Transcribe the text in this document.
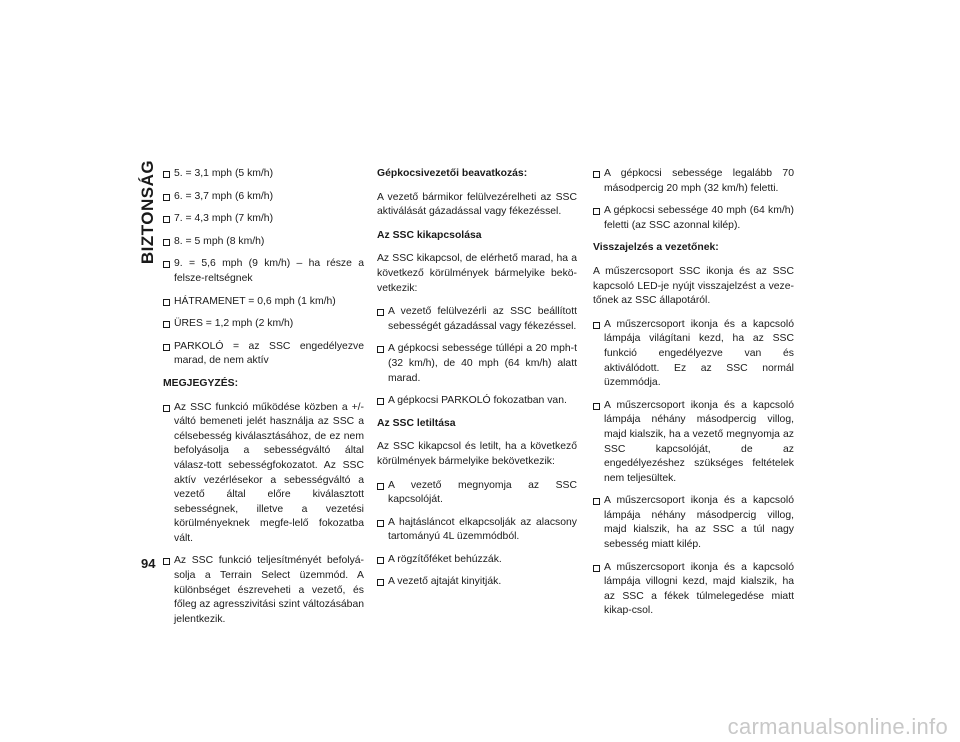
BIZTONSÁG
94
5. = 3,1 mph (5 km/h)
6. = 3,7 mph (6 km/h)
7. = 4,3 mph (7 km/h)
8. = 5 mph (8 km/h)
9. = 5,6 mph (9 km/h) – ha része a felsze-reltségnek
HÁTRAMENET = 0,6 mph (1 km/h)
ÜRES = 1,2 mph (2 km/h)
PARKOLÓ = az SSC engedélyezve marad, de nem aktív

MEGJEGYZÉS:

Az SSC funkció működése közben a +/- váltó bemeneti jelét használja az SSC a célsebesség kiválasztásához, de ez nem befolyásolja a sebességváltó által válasz-tott sebességfokozatot. Az SSC aktív vezérlésekor a sebességváltó a vezető által előre kiválasztott sebességnek, illetve a vezetési körülményeknek megfe-lelő fokozatba vált.
Az SSC funkció teljesítményét befolyá-solja a Terrain Select üzemmód. A különbséget észreveheti a vezető, és főleg az agresszivitási szint változásában jelentkezik.

Gépkocsivezetői beavatkozás:

A vezető bármikor felülvezérelheti az SSC aktiválását gázadással vagy fékezéssel.

Az SSC kikapcsolása

Az SSC kikapcsol, de elérhető marad, ha a következő körülmények bármelyike bekö-vetkezik:

A vezető felülvezérli az SSC beállított sebességét gázadással vagy fékezéssel.
A gépkocsi sebessége túllépi a 20 mph-t (32 km/h), de 40 mph (64 km/h) alatt marad.
A gépkocsi PARKOLÓ fokozatban van.

Az SSC letiltása

Az SSC kikapcsol és letilt, ha a következő körülmények bármelyike bekövetkezik:

A vezető megnyomja az SSC kapcsolóját.
A hajtásláncot elkapcsolják az alacsony tartományú 4L üzemmódból.
A rögzítőféket behúzzák.
A vezető ajtaját kinyitják.
A gépkocsi sebessége legalább 70 másodpercig 20 mph (32 km/h) feletti.
A gépkocsi sebessége 40 mph (64 km/h) feletti (az SSC azonnal kilép).

Visszajelzés a vezetőnek:

A műszercsoport SSC ikonja és az SSC kapcsoló LED-je nyújt visszajelzést a veze-tőnek az SSC állapotáról.

A műszercsoport ikonja és a kapcsoló lámpája világítani kezd, ha az SSC funkció engedélyezve van és aktiválódott. Ez az SSC normál üzemmódja.
A műszercsoport ikonja és a kapcsoló lámpája néhány másodpercig villog, majd kialszik, ha a vezető megnyomja az SSC kapcsolóját, de az engedélyezéshez szükséges feltételek nem teljesültek.
A műszercsoport ikonja és a kapcsoló lámpája néhány másodpercig villog, majd kialszik, ha az SSC a túl nagy sebesség miatt kilép.
A műszercsoport ikonja és a kapcsoló lámpája villogni kezd, majd kialszik, ha az SSC a fékek túlmelegedése miatt kikap-csol.
carmanualsonline.info
